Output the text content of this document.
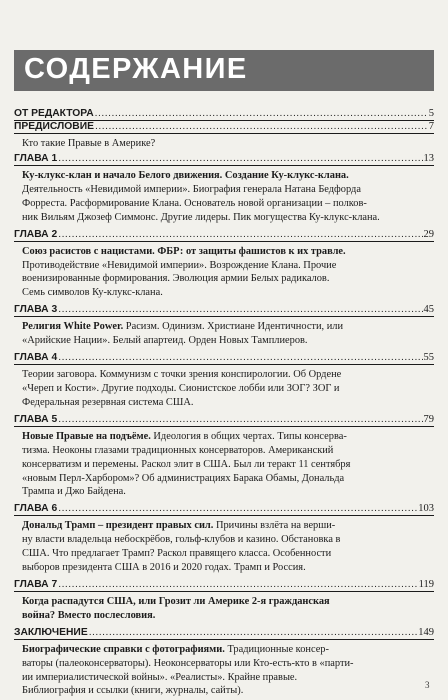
СОДЕРЖАНИЕ
ОТ РЕДАКТОРА .....	5
ПРЕДИСЛОВИЕ .....	7
Кто такие Правые в Америке?
ГЛАВА 1 .....	13
Ку-клукс-клан и начало Белого движения. Создание Ку-клукс-клана.
Деятельность «Невидимой империи». Биография генерала Натана Бедфорда
Форреста. Расформирование Клана. Основатель новой организации – полков-
ник Вильям Джозеф Симмонс. Другие лидеры. Пик могущества Ку-клукс-клана.
ГЛАВА 2 .....	29
Союз расистов с нацистами. ФБР: от защиты фашистов к их травле.
Противодействие «Невидимой империи». Возрождение Клана. Прочие
военизированные формирования. Эволюция армии Белых радикалов.
Семь символов Ку-клукс-клана.
ГЛАВА 3 .....	45
Религия White Power. Расизм. Одинизм. Христиане Идентичности, или
«Арийские Нации». Белый апартеид. Орден Новых Тамплиеров.
ГЛАВА 4 .....	55
Теории заговора. Коммунизм с точки зрения конспирологии. Об Ордене
«Череп и Кости». Другие подходы. Сионистское лобби или ЗОГ? ЗОГ и
Федеральная резервная система США.
ГЛАВА 5 .....	79
Новые Правые на подъёме. Идеология в общих чертах. Типы консерва-
тизма. Неоконы глазами традиционных консерваторов. Американский
консерватизм и перемены. Раскол элит в США. Был ли теракт 11 сентября
«новым Перл-Харбором»? Об администрациях Барака Обамы, Дональда
Трампа и Джо Байдена.
ГЛАВА 6 .....	103
Дональд Трамп – президент правых сил. Причины взлёта на верши-
ну власти владельца небоскрёбов, гольф-клубов и казино. Обстановка в
США. Что предлагает Трамп? Раскол правящего класса. Особенности
выборов президента США в 2016 и 2020 годах. Трамп и Россия.
ГЛАВА 7 .....	119
Когда распадутся США, или Грозит ли Америке 2-я гражданская
война? Вместо послесловия.
ЗАКЛЮЧЕНИЕ .....	149
Биографические справки с фотографиями. Традиционные консер-
ваторы (палеоконсерваторы). Неоконсерваторы или Кто-есть-кто в «парти-
ии империалистической войны». «Реалисты». Крайне правые.
Библиография и ссылки (книги, журналы, сайты).
3
